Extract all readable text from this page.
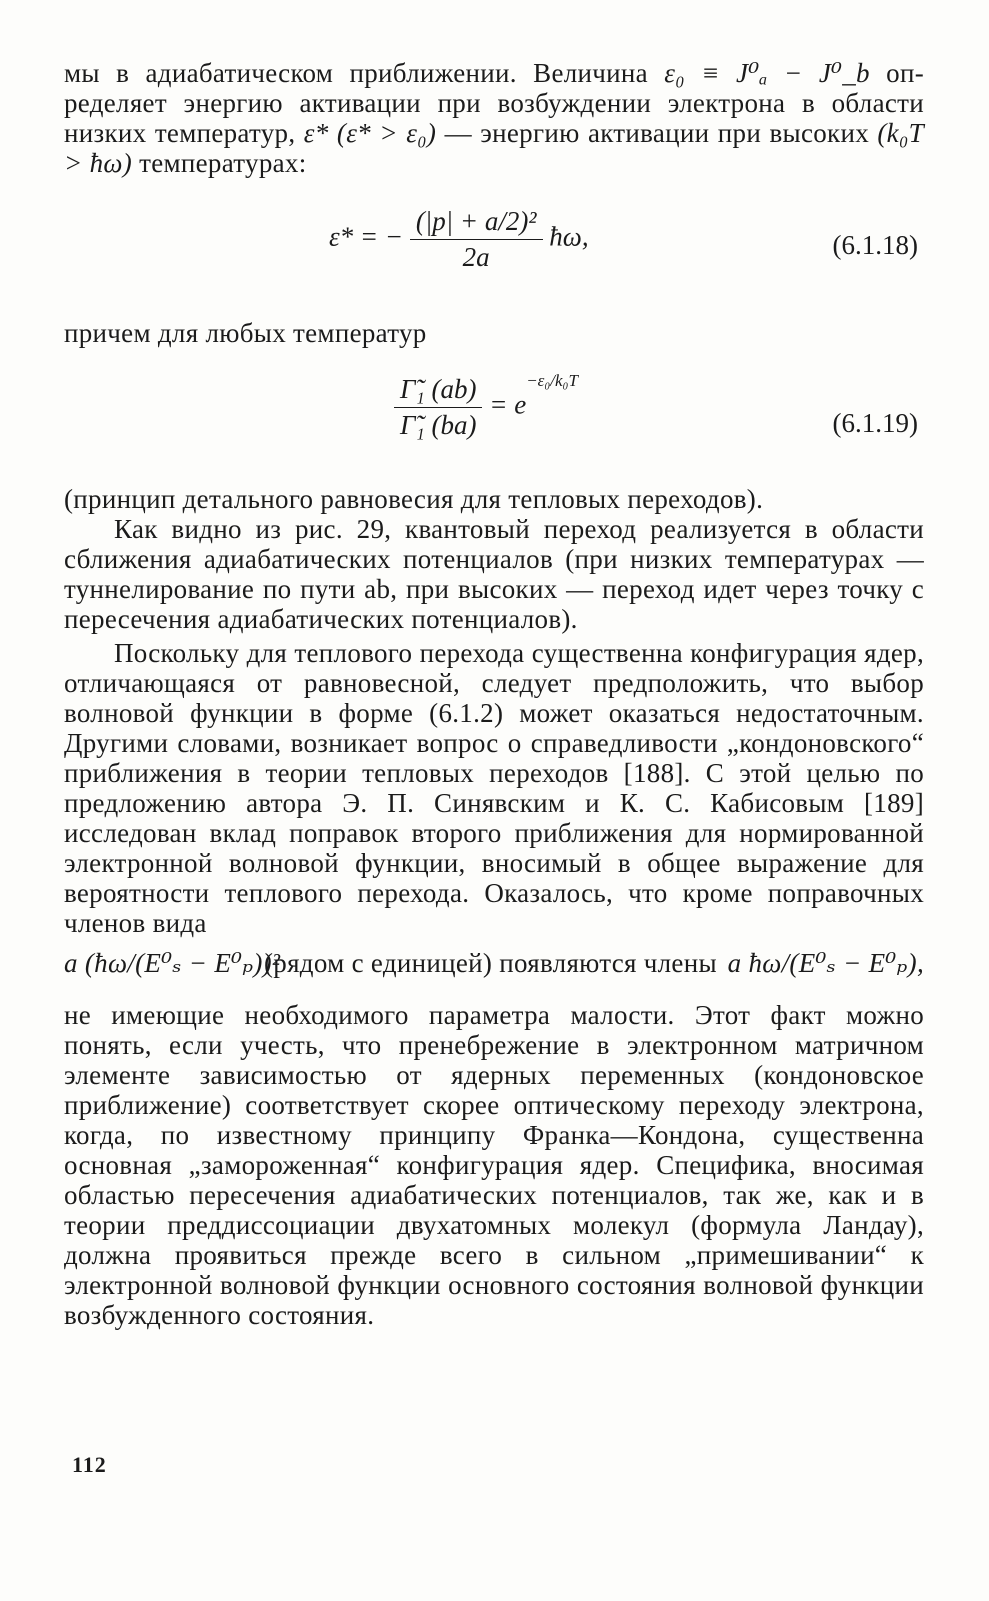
мы в адиабатическом приближении. Величина ε₀ ≡ J⁰ₐ − J⁰_b оп-ределяет энергию активации при возбуждении электрона в области низких температур, ε* (ε* > ε₀) — энергию активации при высоких (k₀T > ħω) температурах:

ε* = − $\frac{\text{(|p| + a/2)²}}{2a}$ ħω,	(6.1.18)

причем для любых температур

$\frac{\text{Γ̃₁ (ab)}}{\text{Γ̃₁ (ba)}} = e^{-\varepsilon_0/k_0T}$
(6.1.19)

(принцип детального равновесия для тепловых переходов).

Как видно из рис. 29, квантовый переход реализуется в области сближения адиабатических потенциалов (при низких температурах — туннелирование по пути ab, при высоких — переход идет через точку c пересечения адиабатических потенциалов).

Поскольку для теплового перехода существенна конфигурация ядер, отличающаяся от равновесной, следует предположить, что выбор волновой функции в форме (6.1.2) может оказаться недостаточным. Другими словами, возникает вопрос о справедливости „кондоновского“ приближения в теории тепловых переходов [188]. С этой целью по предложению автора Э. П. Синявским и К. С. Кабисовым [189] исследован вклад поправок второго приближения для нормированной электронной волновой функции, вносимый в общее выражение для вероятности теплового перехода. Оказалось, что кроме поправочных членов вида

a (ħω/(E⁰ₛ − E⁰ₚ))²
(рядом с единицей) появляются члены a ħω/(E⁰ₛ − E⁰ₚ),

не имеющие необходимого параметра малости. Этот факт можно понять, если учесть, что пренебрежение в электронном матричном элементе зависимостью от ядерных переменных (кондоновское приближение) соответствует скорее оптическому переходу электрона, когда, по известному принципу Франка—Кондона, существенна основная „замороженная“ конфигурация ядер. Специфика, вносимая областью пересечения адиабатических потенциалов, так же, как и в теории преддиссоциации двухатомных молекул (формула Ландау), должна проявиться прежде всего в сильном „примешивании“ к электронной волновой функции основного состояния волновой функции возбужденного состояния.

112
